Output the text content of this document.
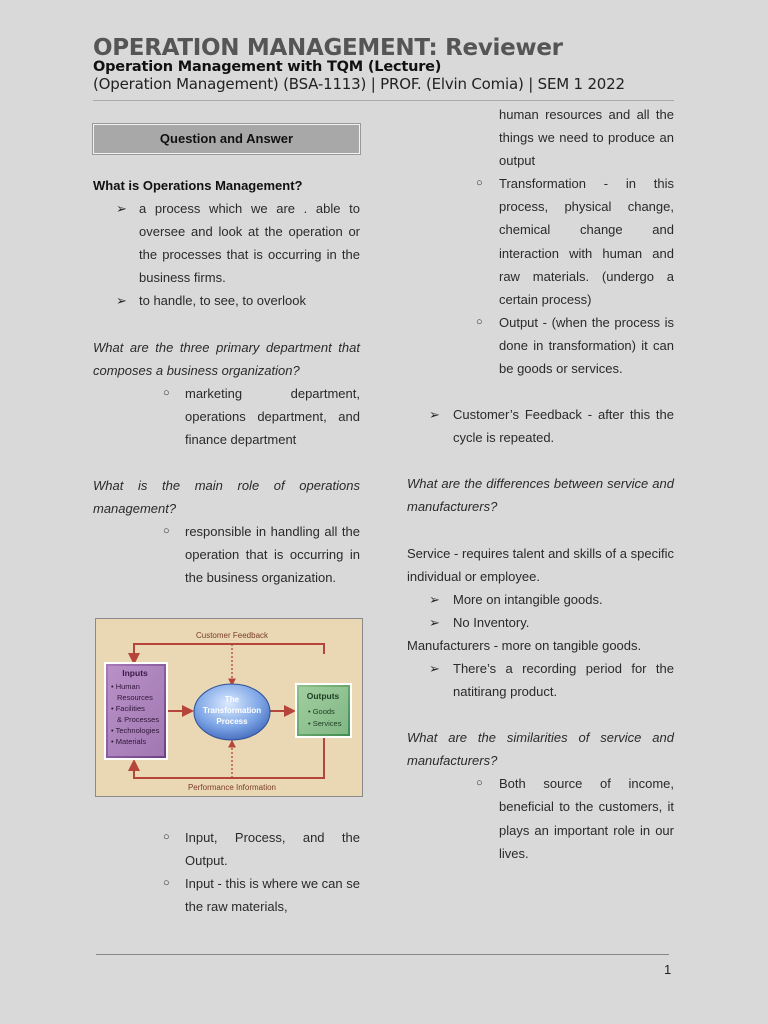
OPERATION MANAGEMENT: Reviewer
Operation Management with TQM (Lecture)
(Operation Management) (BSA-1113) | PROF. (Elvin Comia) | SEM 1 2022
Question and Answer
What is Operations Management?
➢ a process which we are . able to oversee and look at the operation or the processes that is occurring in the business firms.
➢ to handle, to see, to overlook
What are the three primary department that composes a business organization?
○ marketing department, operations department, and finance department
What is the main role of operations management?
○ responsible in handling all the operation that is occurring in the business organization.
Customer Feedback
Performance Information
Inputs
• Human
Resources
• Facilities
& Processes
• Technologies
• Materials
The
Transformation
Process
Outputs
• Goods
• Services
○ Input, Process, and the Output.
○ Input - this is where we can se the raw materials,
human resources and all the things we need to produce an output
○ Transformation - in this process, physical change, chemical change and interaction with human and raw materials. (undergo a certain process)
○ Output - (when the process is done in transformation) it can be goods or services.
➢ Customer’s Feedback - after this the cycle is repeated.
What are the differences between service and manufacturers?
Service - requires talent and skills of a specific individual or employee.
➢ More on intangible goods.
➢ No Inventory.
Manufacturers - more on tangible goods.
➢ There’s a recording period for the natitirang product.
What are the similarities of service and manufacturers?
○ Both source of income, beneficial to the customers, it plays an important role in our lives.
1
